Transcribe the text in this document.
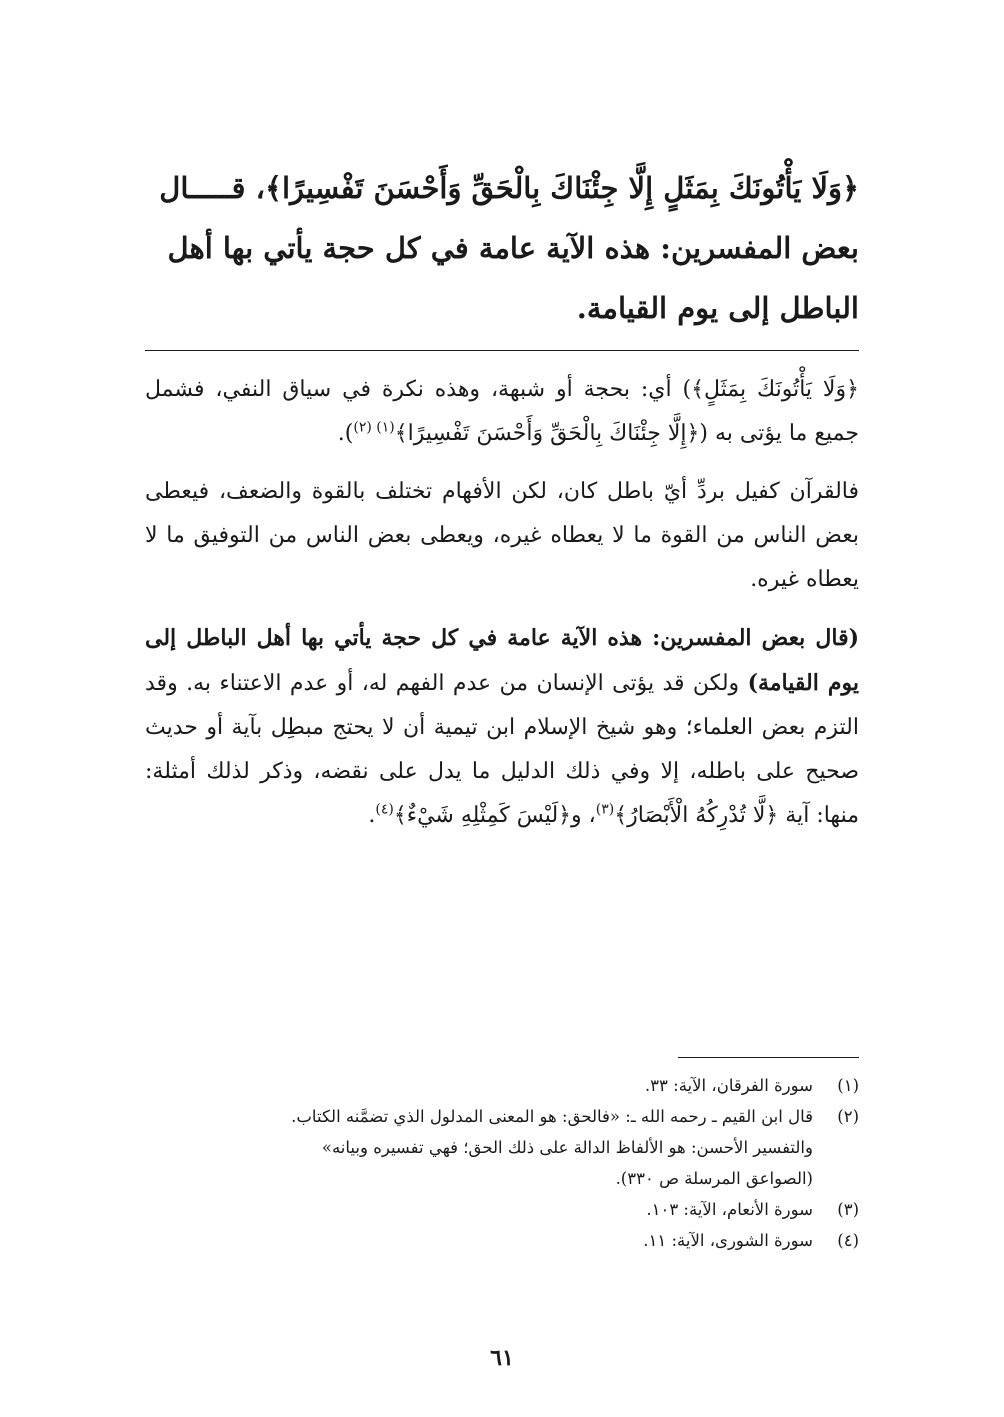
﴿وَلَا يَأْتُونَكَ بِمَثَلٍ إِلَّا جِئْنَاكَ بِالْحَقِّ وَأَحْسَنَ تَفْسِيرًا﴾، قـــــال

بعض المفسرين: هذه الآية عامة في كل حجة يأتي بها أهل

الباطل إلى يوم القيامة.

﴿وَلَا يَأْتُونَكَ بِمَثَلٍ﴾) أي: بحجة أو شبهة، وهذه نكرة في سياق النفي، فشمل جميع ما يؤتى به (﴿إِلَّا جِئْنَاكَ بِالْحَقِّ وَأَحْسَنَ تَفْسِيرًا﴾$^{(١) (٢)}$).

فالقرآن كفيل بردِّ أيّ باطل كان، لكن الأفهام تختلف بالقوة والضعف، فيعطى بعض الناس من القوة ما لا يعطاه غيره، ويعطى بعض الناس من التوفيق ما لا يعطاه غيره.

(قال بعض المفسرين: هذه الآية عامة في كل حجة يأتي بها أهل الباطل إلى يوم القيامة) ولكن قد يؤتى الإنسان من عدم الفهم له، أو عدم الاعتناء به. وقد التزم بعض العلماء؛ وهو شيخ الإسلام ابن تيمية أن لا يحتج مبطِل بآية أو حديث صحيح على باطله، إلا وفي ذلك الدليل ما يدل على نقضه، وذكر لذلك أمثلة: منها: آية ﴿لَّا تُدْرِكُهُ الْأَبْصَارُ﴾$^{(٣)}$، و﴿لَيْسَ كَمِثْلِهِ شَيْءٌ﴾$^{(٤)}$.

(١)
سورة الفرقان، الآية: ٣٣.
(٢)
قال ابن القيم ـ رحمه الله ـ: «فالحق: هو المعنى المدلول الذي تضمَّنه الكتاب.
والتفسير الأحسن: هو الألفاظ الدالة على ذلك الحق؛ فهي تفسيره وبيانه»
(الصواعق المرسلة ص ٣٣٠).
(٣)
سورة الأنعام، الآية: ١٠٣.
(٤)
سورة الشورى، الآية: ١١.
٦١
